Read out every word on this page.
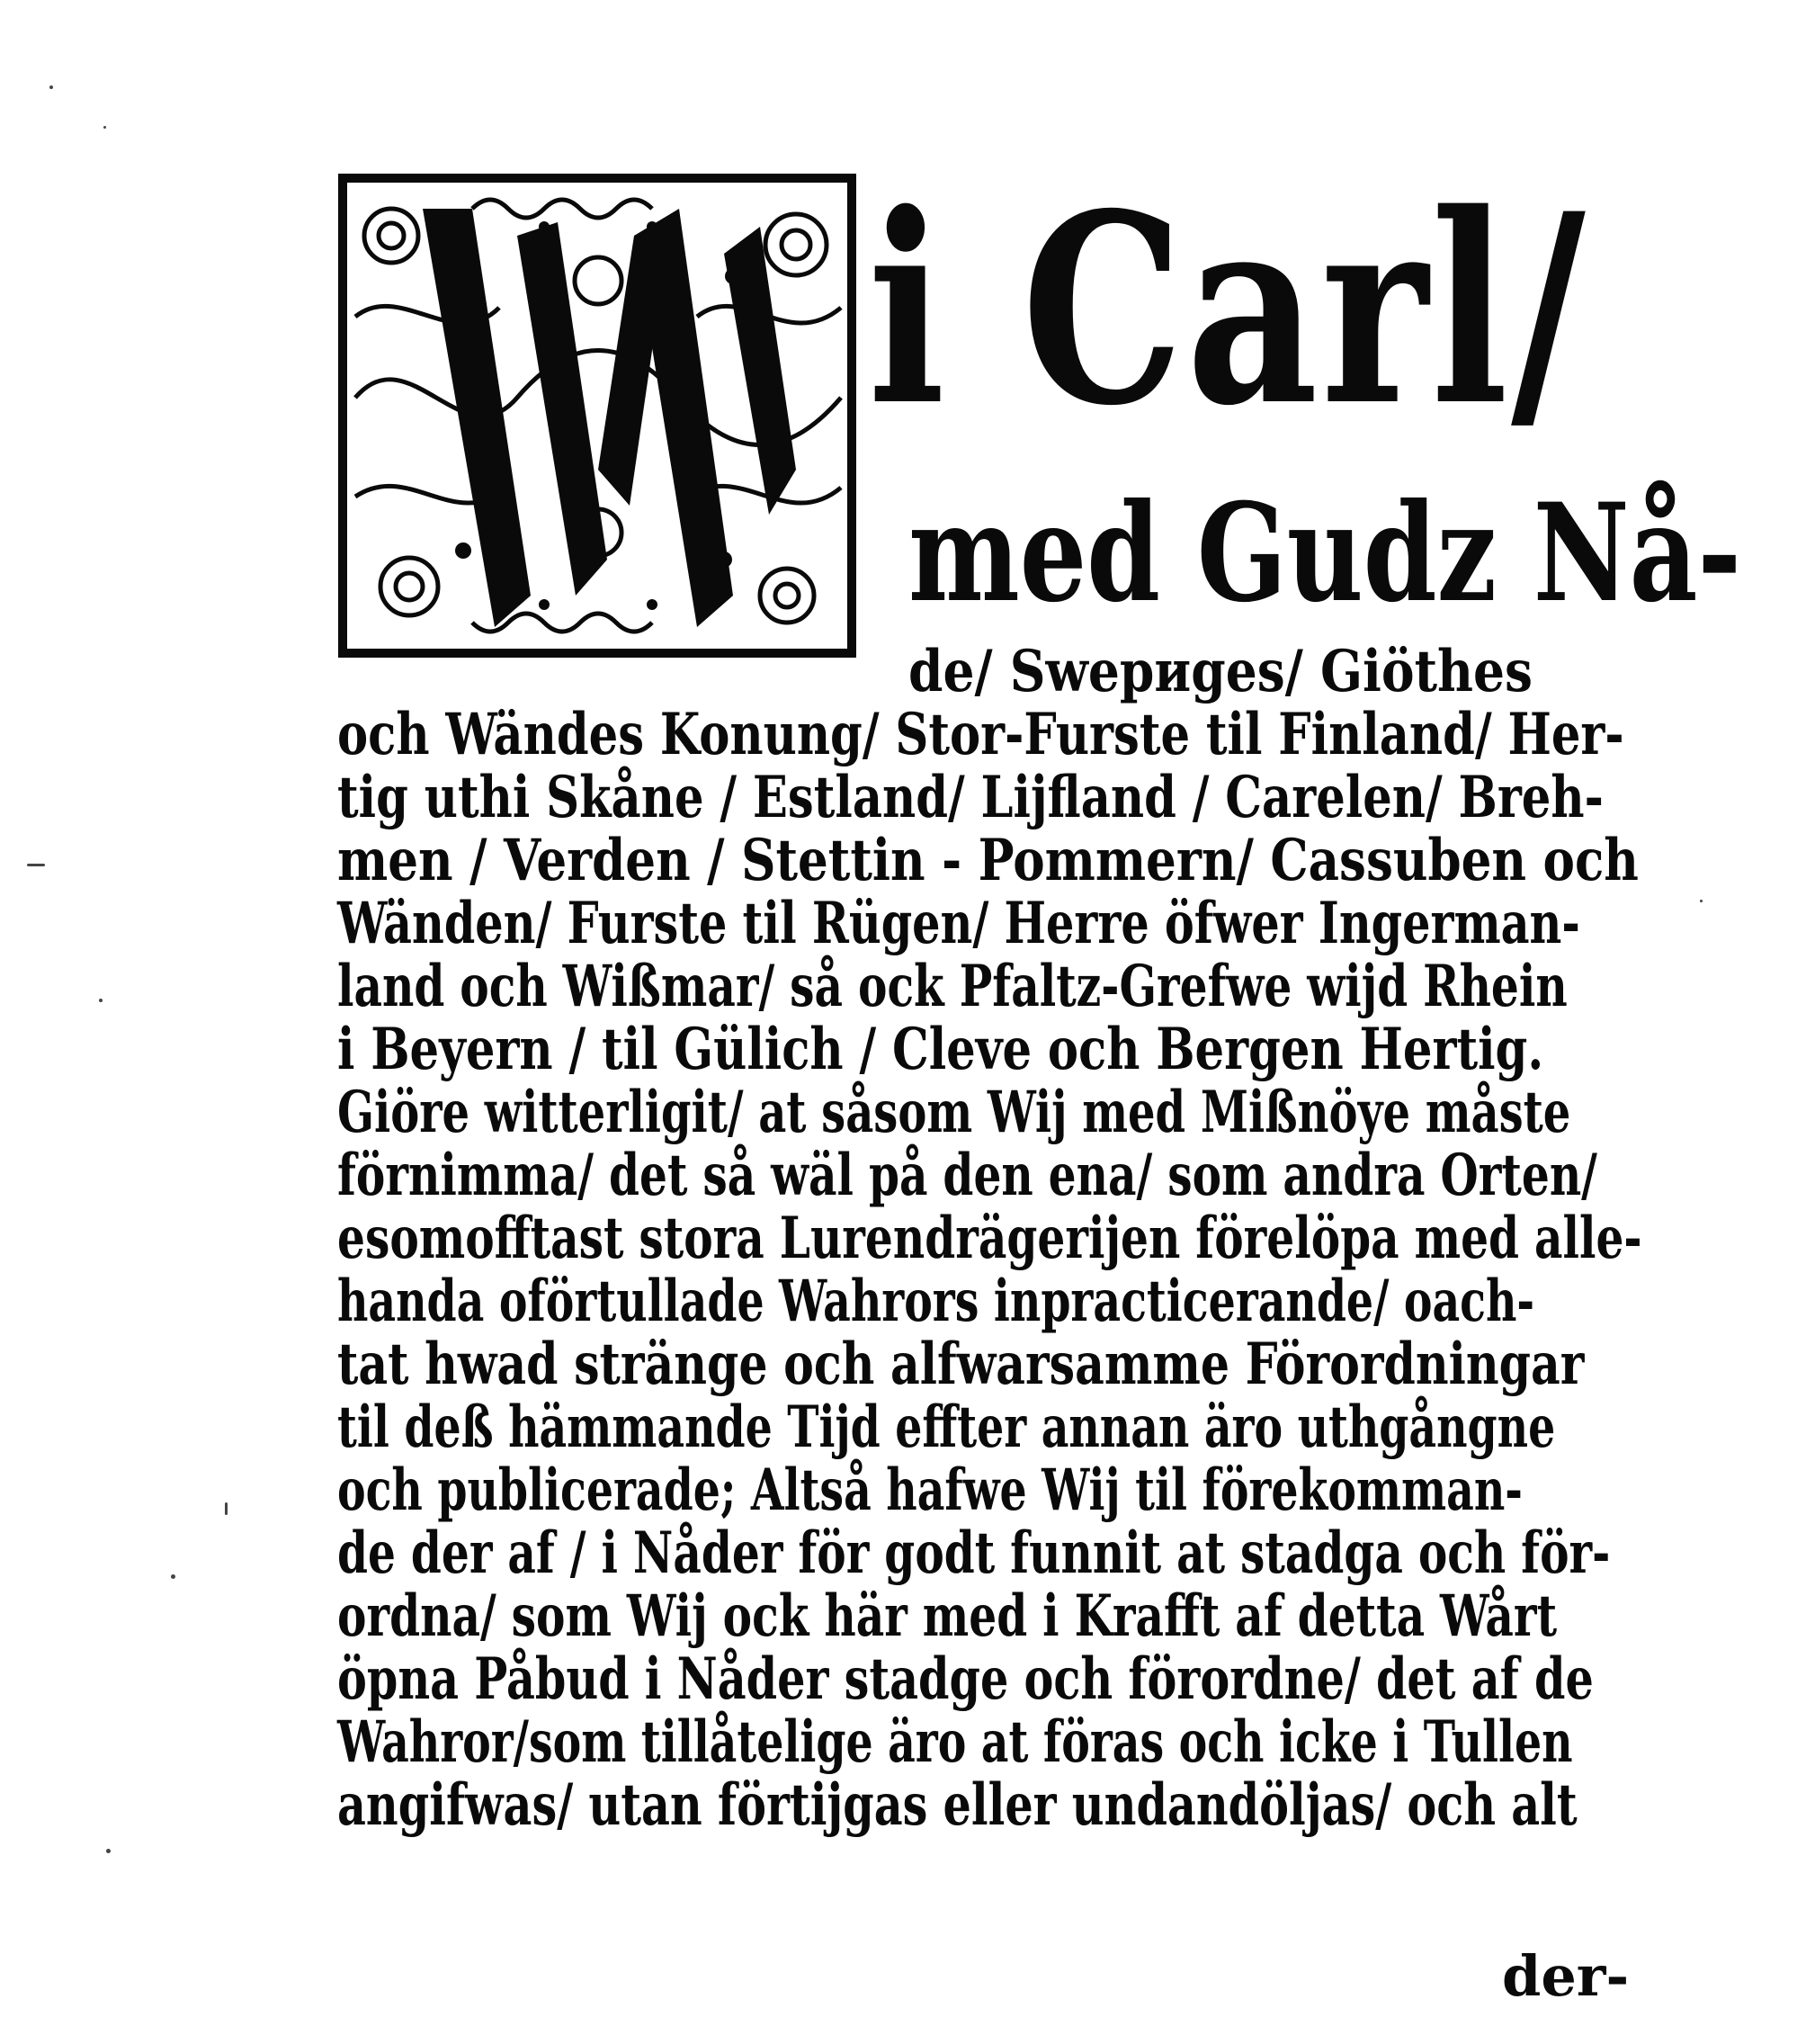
i Carl/
med Gudz Nå-
de/ Swериges/ Giöthes
och Wändes Konung/ Stor-Furste til Finland/ Her-
tig uthi Skåne / Estland/ Lijfland / Carelen/ Breh-
men / Verden / Stettin - Pommern/ Cassuben och
Wänden/ Furste til Rügen/ Herre öfwer Ingerman-
land och Wißmar/ så ock Pfaltz-Grefwe wijd Rhein
i Beyern / til Gülich / Cleve och Bergen Hertig.
Giöre witterligit/ at såsom Wij med Mißnöye måste
förnimma/ det så wäl på den ena/ som andra Orten/
esomofftast stora Lurendrägerijen förelöpa med alle-
handa oförtullade Wahrors inpracticerande/ oach-
tat hwad stränge och alfwarsamme Förordningar
til deß hämmande Tijd effter annan äro uthgångne
och publicerade; Altså hafwe Wij til förekomman-
de der af / i Nåder för godt funnit at stadga och för-
ordna/ som Wij ock här med i Krafft af detta Wårt
öpna Påbud i Nåder stadge och förordne/ det af de
Wahror/som tillåtelige äro at föras och icke i Tullen
angifwas/ utan förtijgas eller undandöljas/ och alt
der-
